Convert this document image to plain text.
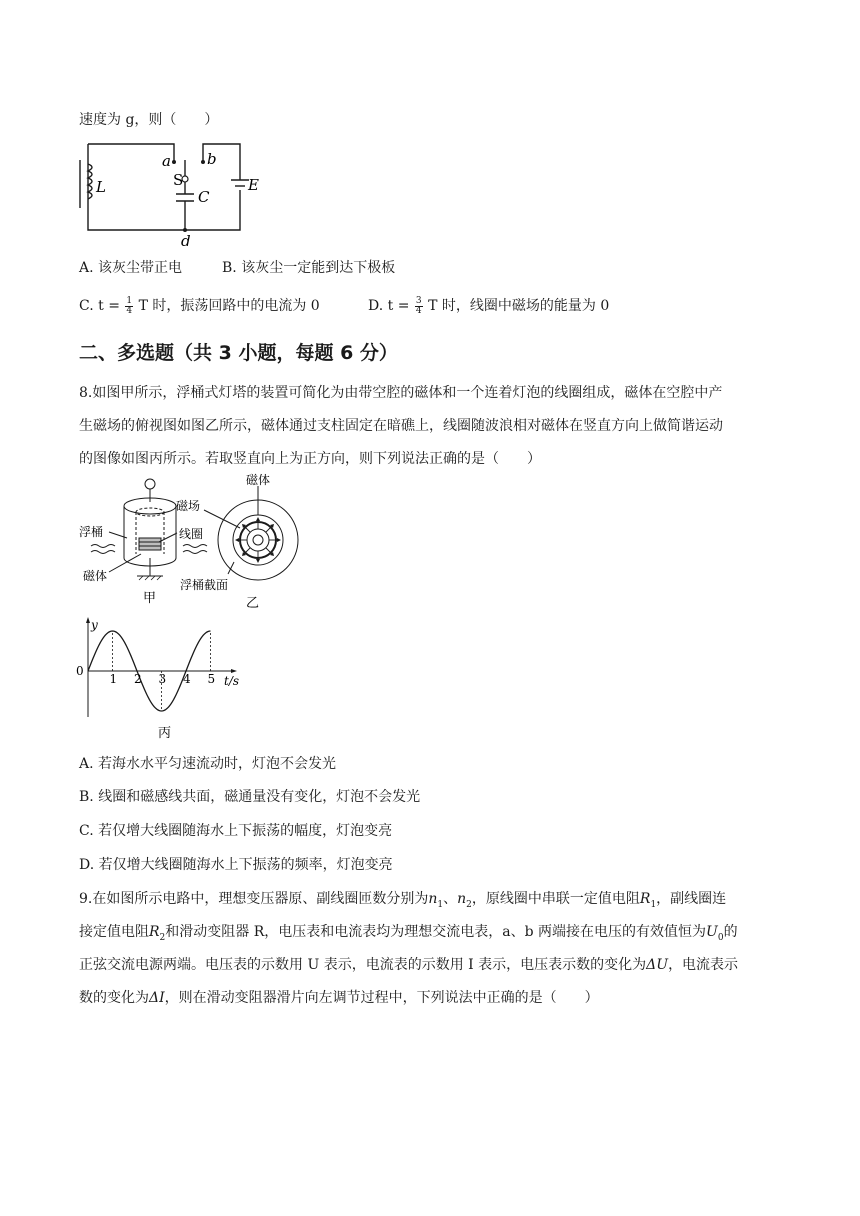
速度为 g，则（　　）
a b
S
C
L	E
d
A. 该灰尘带正电	B. 该灰尘一定能到达下极板
C. $t = \frac{1}{4}$ T 时，振荡回路中的电流为 0	D. $t = \frac{3}{4}$ T 时，线圈中磁场的能量为 0
二、多选题（共 3 小题，每题 6 分）
8.如图甲所示，浮桶式灯塔的装置可简化为由带空腔的磁体和一个连着灯泡的线圈组成，磁体在空腔中产
生磁场的俯视图如图乙所示，磁体通过支柱固定在暗礁上，线圈随波浪相对磁体在竖直方向上做简谐运动
的图像如图丙所示。若取竖直向上为正方向，则下列说法正确的是（　　）
浮桶
磁体
线圈
甲
磁体
磁场
浮桶截面
乙
1 2 3 4 5
y
t/s
0
丙
A. 若海水水平匀速流动时，灯泡不会发光
B. 线圈和磁感线共面，磁通量没有变化，灯泡不会发光
C. 若仅增大线圈随海水上下振荡的幅度，灯泡变亮
D. 若仅增大线圈随海水上下振荡的频率，灯泡变亮
9.在如图所示电路中，理想变压器原、副线圈匝数分别为$n_1$、$n_2$，原线圈中串联一定值电阻$R_1$，副线圈连
接定值电阻$R_2$和滑动变阻器 R，电压表和电流表均为理想交流电表，a、b 两端接在电压的有效值恒为$U_0$的
正弦交流电源两端。电压表的示数用 U 表示，电流表的示数用 I 表示，电压表示数的变化为ΔU，电流表示
数的变化为ΔI，则在滑动变阻器滑片向左调节过程中，下列说法中正确的是（　　）
